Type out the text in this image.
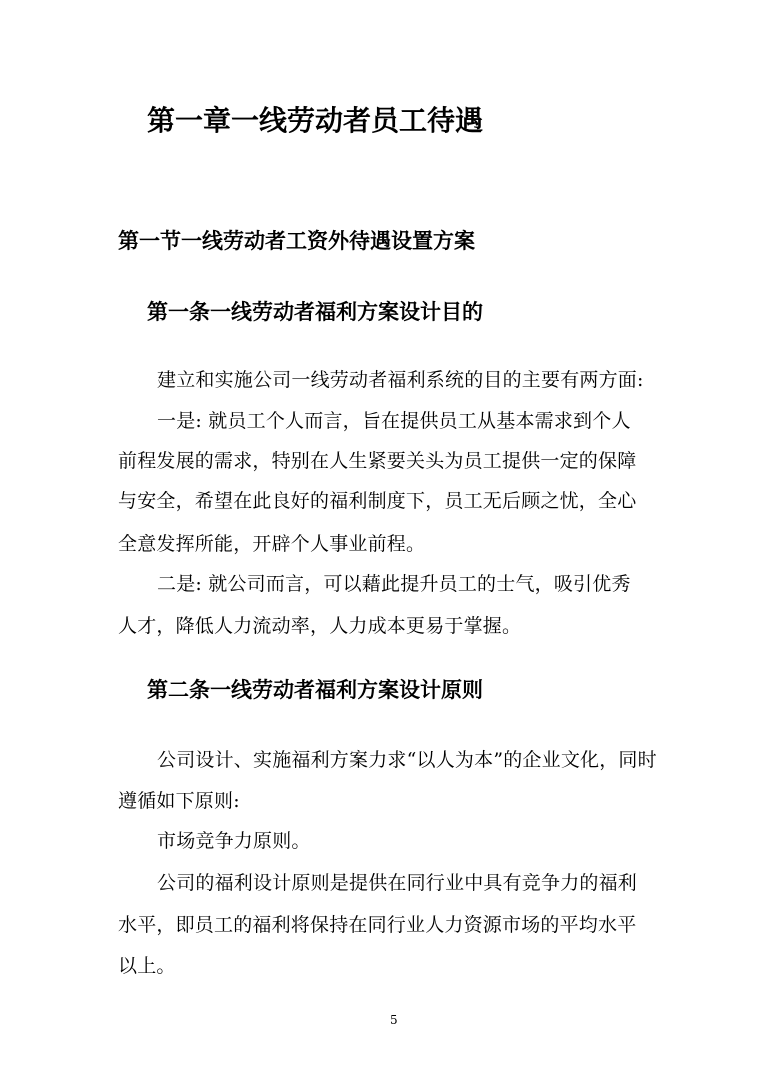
第一章一线劳动者员工待遇
第一节一线劳动者工资外待遇设置方案
第一条一线劳动者福利方案设计目的
建立和实施公司一线劳动者福利系统的目的主要有两方面:
一是: 就员工个人而言，旨在提供员工从基本需求到个人
前程发展的需求，特别在人生紧要关头为员工提供一定的保障
与安全，希望在此良好的福利制度下，员工无后顾之忧，全心
全意发挥所能，开辟个人事业前程。
二是: 就公司而言，可以藉此提升员工的士气，吸引优秀
人才，降低人力流动率，人力成本更易于掌握。
第二条一线劳动者福利方案设计原则
公司设计、实施福利方案力求“以人为本”的企业文化，同时
遵循如下原则:
市场竞争力原则。
公司的福利设计原则是提供在同行业中具有竞争力的福利
水平，即员工的福利将保持在同行业人力资源市场的平均水平
以上。
5
